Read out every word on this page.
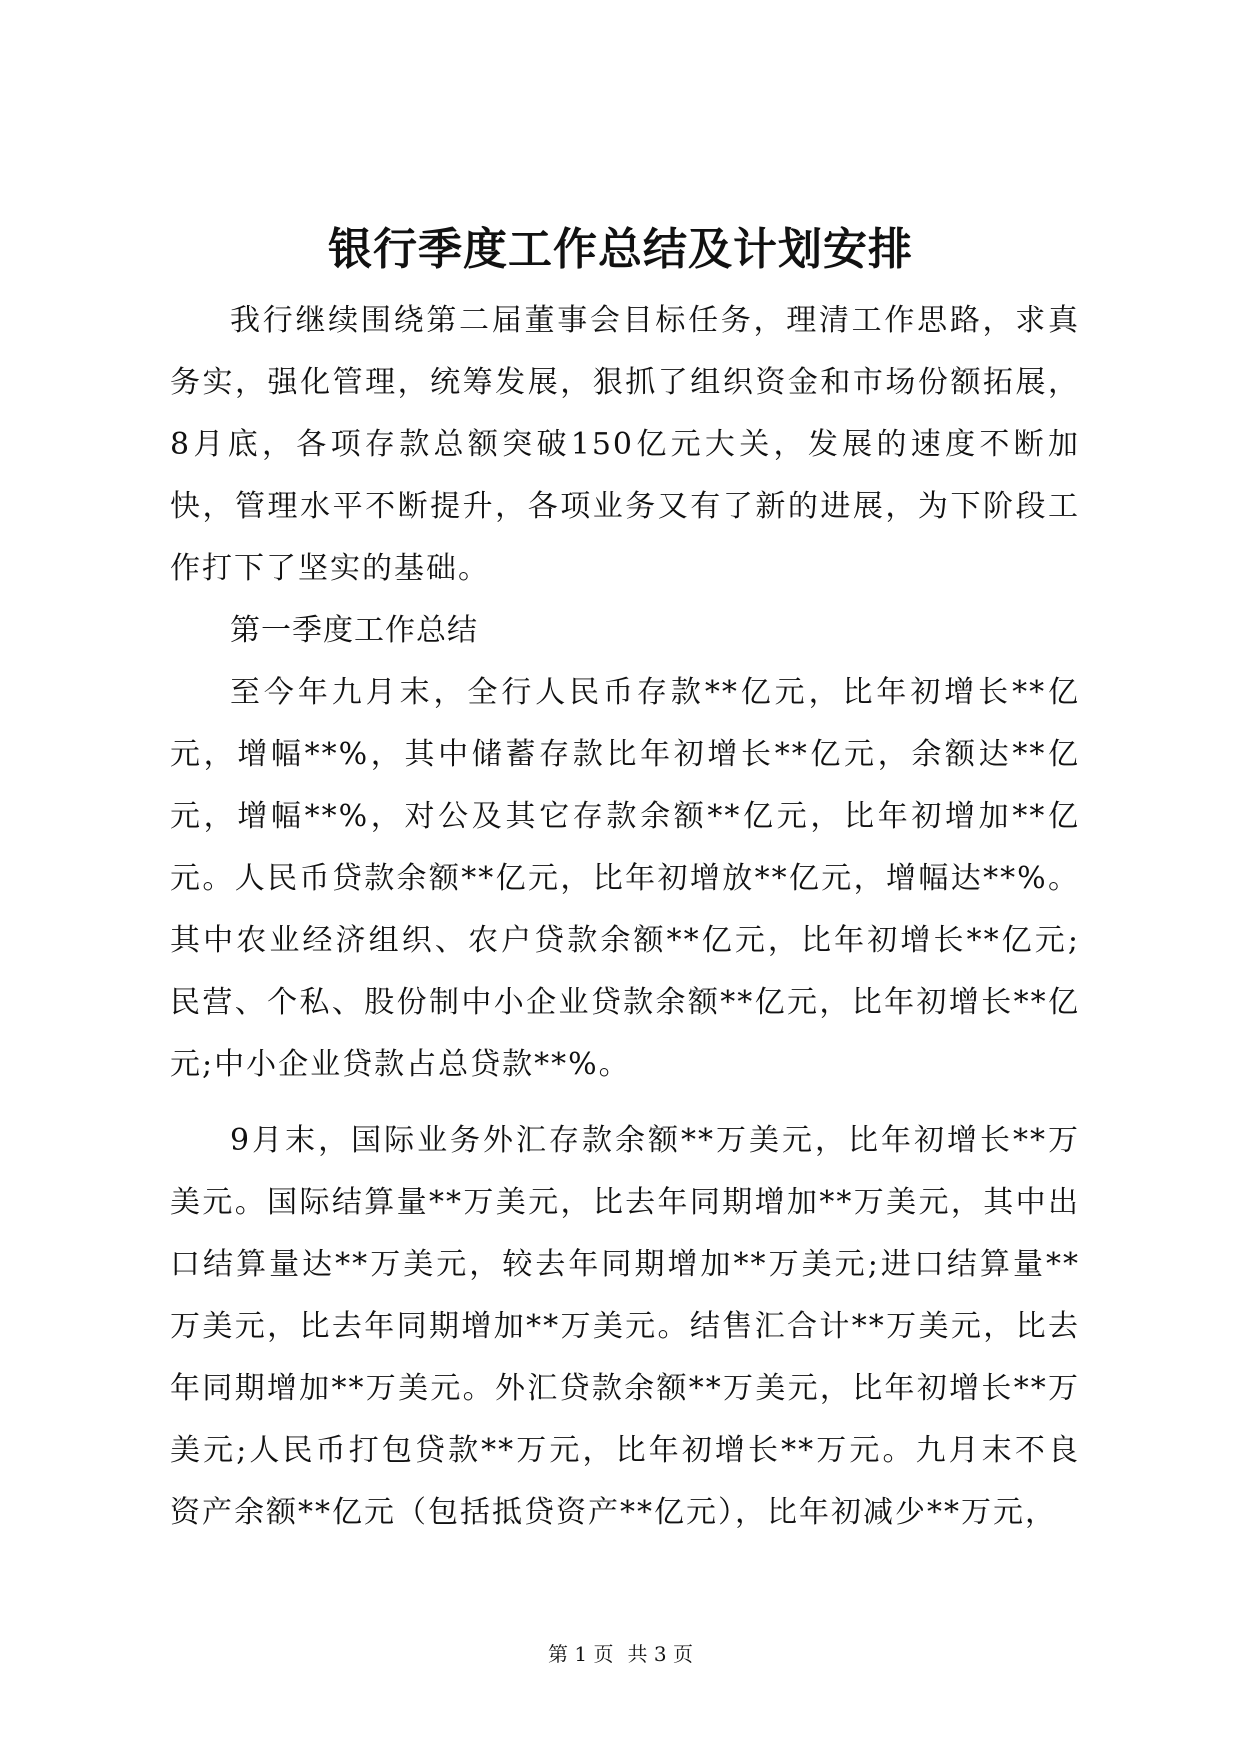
银行季度工作总结及计划安排

我行继续围绕第二届董事会目标任务，理清工作思路，求真务实，强化管理，统筹发展，狠抓了组织资金和市场份额拓展，8月底，各项存款总额突破150亿元大关，发展的速度不断加快，管理水平不断提升，各项业务又有了新的进展，为下阶段工作打下了坚实的基础。

第一季度工作总结

至今年九月末，全行人民币存款**亿元，比年初增长**亿元，增幅**%，其中储蓄存款比年初增长**亿元，余额达**亿元，增幅**%，对公及其它存款余额**亿元，比年初增加**亿元。人民币贷款余额**亿元，比年初增放**亿元，增幅达**%。其中农业经济组织、农户贷款余额**亿元，比年初增长**亿元;民营、个私、股份制中小企业贷款余额**亿元，比年初增长**亿元;中小企业贷款占总贷款**%。

9月末，国际业务外汇存款余额**万美元，比年初增长**万美元。国际结算量**万美元，比去年同期增加**万美元，其中出口结算量达**万美元，较去年同期增加**万美元;进口结算量**万美元，比去年同期增加**万美元。结售汇合计**万美元，比去年同期增加**万美元。外汇贷款余额**万美元，比年初增长**万美元;人民币打包贷款**万元，比年初增长**万元。九月末不良资产余额**亿元（包括抵贷资产**亿元），比年初减少**万元，

第 1 页 共 3 页
